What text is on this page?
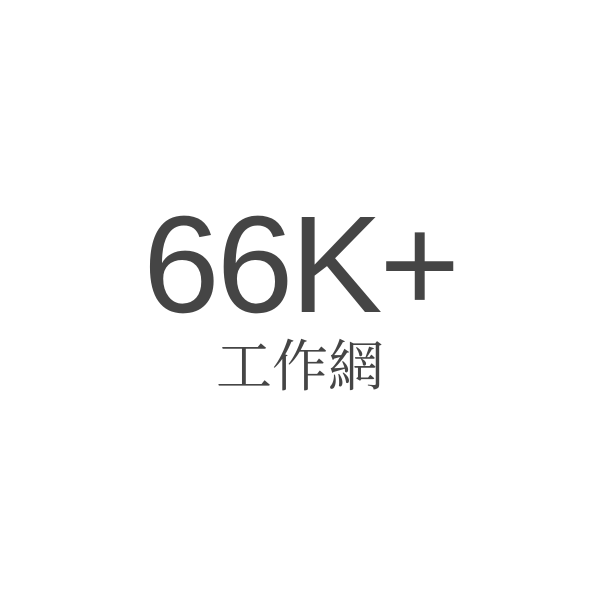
66K+
工作網
